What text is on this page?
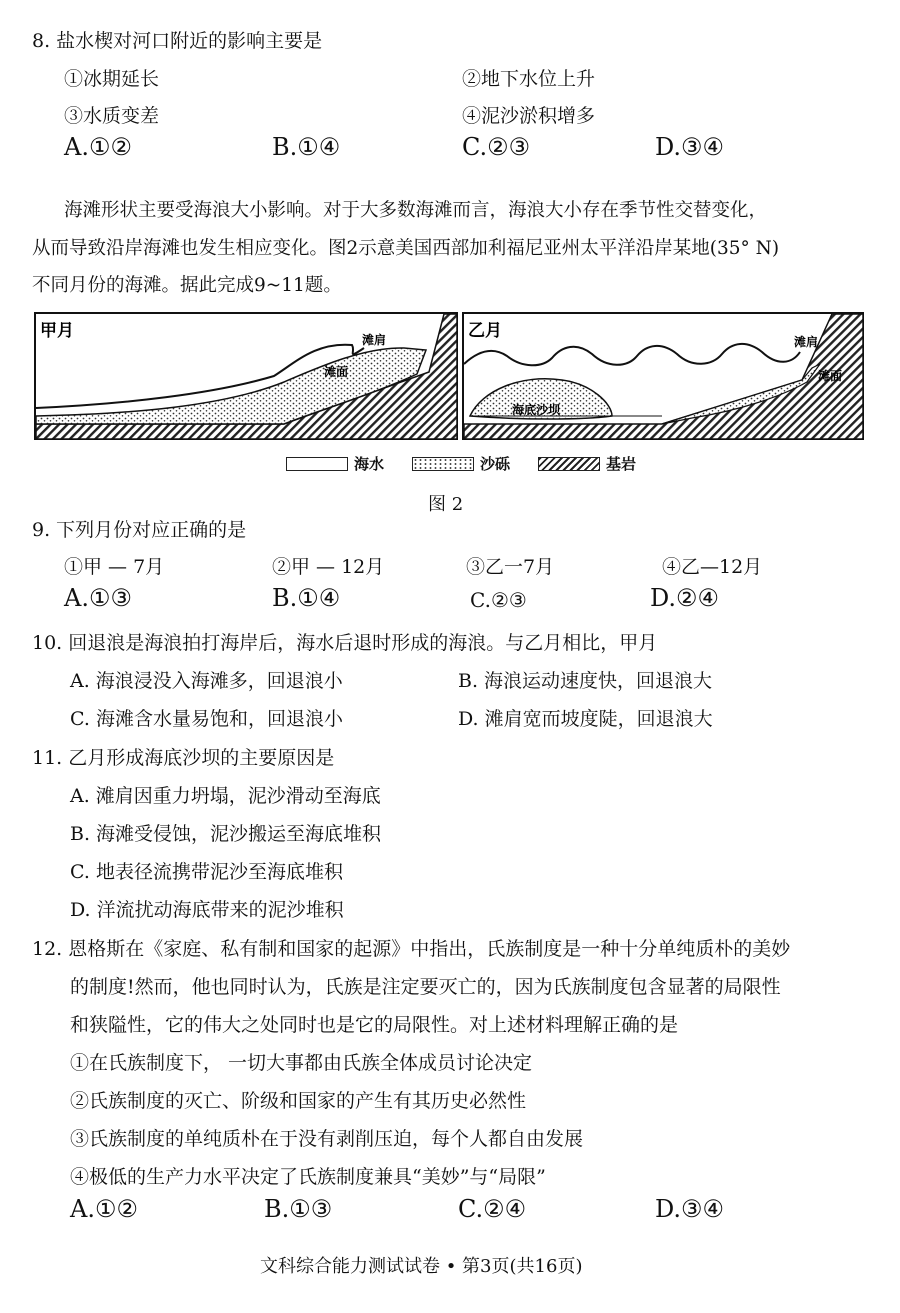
8. 盐水楔对河口附近的影响主要是
①冰期延长	②地下水位上升
③水质变差	④泥沙淤积增多
A.①②	B.①④	C.②③	D.③④
海滩形状主要受海浪大小影响。对于大多数海滩而言，海浪大小存在季节性交替变化，
从而导致沿岸海滩也发生相应变化。图2示意美国西部加利福尼亚州太平洋沿岸某地(35° N)
不同月份的海滩。据此完成9~11题。
甲月	滩肩
滩面
乙月
滩肩
滩面
海底沙坝
海水	沙砾	基岩
图 2
9. 下列月份对应正确的是
①甲 — 7月	②甲 — 12月	③乙一7月	④乙—12月
A.①③	B.①④	C.②③	D.②④
10. 回退浪是海浪拍打海岸后，海水后退时形成的海浪。与乙月相比，甲月
A. 海浪浸没入海滩多，回退浪小	B. 海浪运动速度快，回退浪大
C. 海滩含水量易饱和，回退浪小	D. 滩肩宽而坡度陡，回退浪大
11. 乙月形成海底沙坝的主要原因是
A. 滩肩因重力坍塌，泥沙滑动至海底
B. 海滩受侵蚀，泥沙搬运至海底堆积
C. 地表径流携带泥沙至海底堆积
D. 洋流扰动海底带来的泥沙堆积
12. 恩格斯在《家庭、私有制和国家的起源》中指出，氏族制度是一种十分单纯质朴的美妙
的制度!然而，他也同时认为，氏族是注定要灭亡的，因为氏族制度包含显著的局限性
和狭隘性，它的伟大之处同时也是它的局限性。对上述材料理解正确的是
①在氏族制度下， 一切大事都由氏族全体成员讨论决定
②氏族制度的灭亡、阶级和国家的产生有其历史必然性
③氏族制度的单纯质朴在于没有剥削压迫，每个人都自由发展
④极低的生产力水平决定了氏族制度兼具“美妙”与“局限”
A.①②	B.①③	C.②④	D.③④
文科综合能力测试试卷 • 第3页(共16页)
